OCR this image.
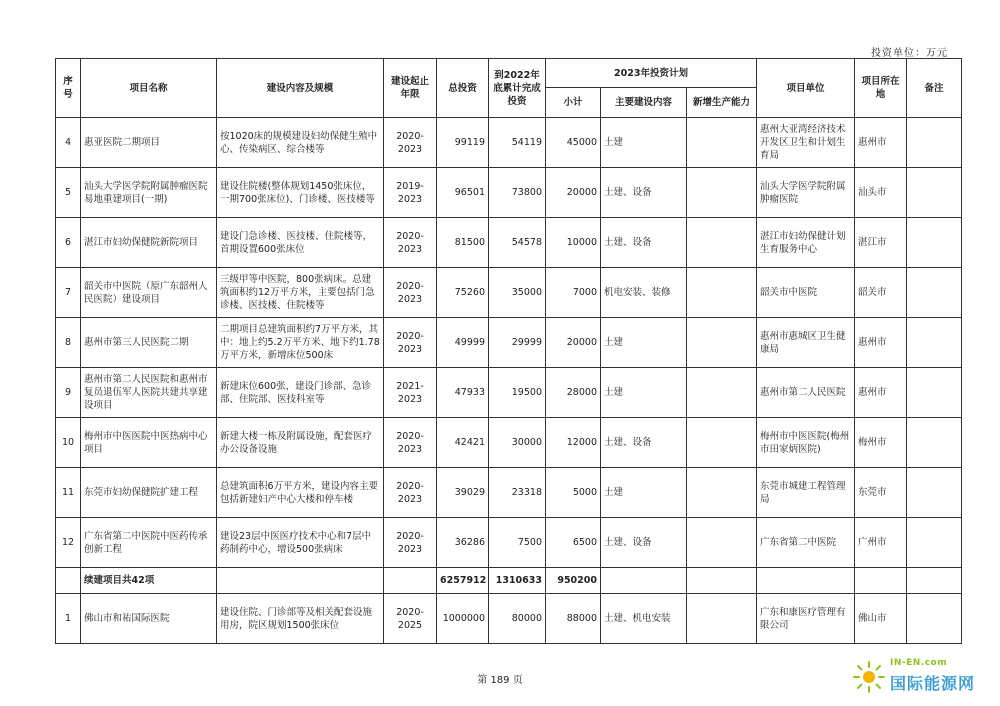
投资单位：万元
序号	项目名称	建设内容及规模	建设起止年限	总投资	到2022年底累计完成投资	2023年投资计划			项目单位	项目所在地	备注
						小计	主要建设内容	新增生产能力			
4	惠亚医院二期项目	按1020床的规模建设妇幼保健生殖中心、传染病区、综合楼等	2020-2023	99119	54119	45000	土建		惠州大亚湾经济技术开发区卫生和计划生育局	惠州市	
5	汕头大学医学院附属肿瘤医院易地重建项目(一期)	建设住院楼(整体规划1450张床位，一期700张床位)、门诊楼、医技楼等	2019-2023	96501	73800	20000	土建、设备		汕头大学医学院附属肿瘤医院	汕头市	
6	湛江市妇幼保健院新院项目	建设门急诊楼、医技楼、住院楼等，首期设置600张床位	2020-2023	81500	54578	10000	土建、设备		湛江市妇幼保健计划生育服务中心	湛江市	
7	韶关市中医院（原广东韶州人民医院）建设项目	三级甲等中医院，800张病床。总建筑面积约12万平方米，主要包括门急诊楼、医技楼、住院楼等	2020-2023	75260	35000	7000	机电安装、装修		韶关市中医院	韶关市	
8	惠州市第三人民医院二期	二期项目总建筑面积约7万平方米，其中：地上约5.2万平方米、地下约1.78万平方米，新增床位500床	2020-2023	49999	29999	20000	土建		惠州市惠城区卫生健康局	惠州市	
9	惠州市第二人民医院和惠州市复员退伍军人医院共建共享建设项目	新建床位600张，建设门诊部、急诊部、住院部、医技科室等	2021-2023	47933	19500	28000	土建		惠州市第二人民医院	惠州市	
10	梅州市中医医院中医热病中心项目	新建大楼一栋及附属设施，配套医疗办公设备设施	2020-2023	42421	30000	12000	土建、设备		梅州市中医医院(梅州市田家炳医院)	梅州市	
11	东莞市妇幼保健院扩建工程	总建筑面积6万平方米，建设内容主要包括新建妇产中心大楼和停车楼	2020-2023	39029	23318	5000	土建		东莞市城建工程管理局	东莞市	
12	广东省第二中医院中医药传承创新工程	建设23层中医医疗技术中心和7层中药制药中心，增设500张病床	2020-2023	36286	7500	6500	土建、设备		广东省第二中医院	广州市	
	续建项目共42项			6257912	1310633	950200					
1	佛山市和祐国际医院	建设住院、门诊部等及相关配套设施用房，院区规划1500张床位	2020-2025	1000000	80000	88000	土建、机电安装		广东和康医疗管理有限公司	佛山市	
第 189 页
IN-EN.com
国际能源网
